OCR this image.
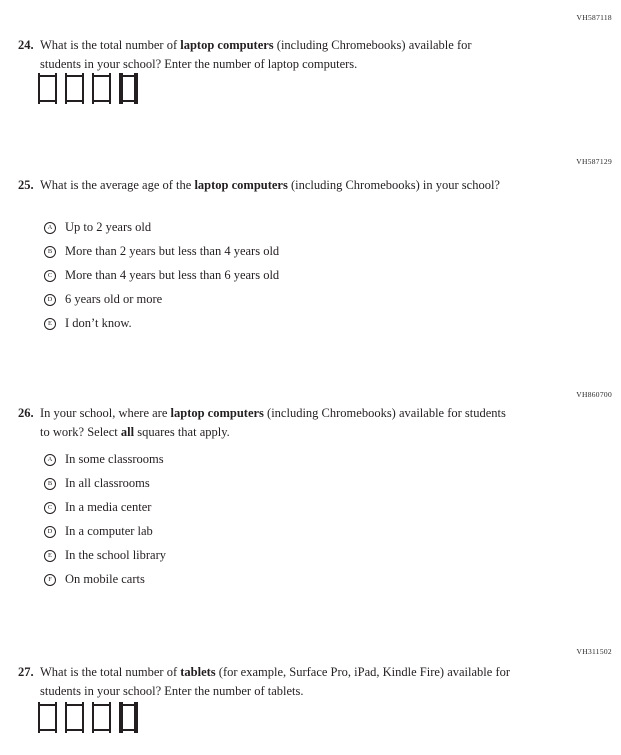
VH587118
24. What is the total number of laptop computers (including Chromebooks) available for students in your school? Enter the number of laptop computers.
VH587129
25. What is the average age of the laptop computers (including Chromebooks) in your school?
A Up to 2 years old
B	More than 2 years but less than 4 years old
C	More than 4 years but less than 6 years old
D 6 years old or more
E	I don’t know.
VH860700
26. In your school, where are laptop computers (including Chromebooks) available for students to work? Select all squares that apply.
A In some classrooms
B	In all classrooms
C	In a media center
D In a computer lab
E	In the school library
F	On mobile carts
VH311502
27. What is the total number of tablets (for example, Surface Pro, iPad, Kindle Fire) available for students in your school? Enter the number of tablets.
